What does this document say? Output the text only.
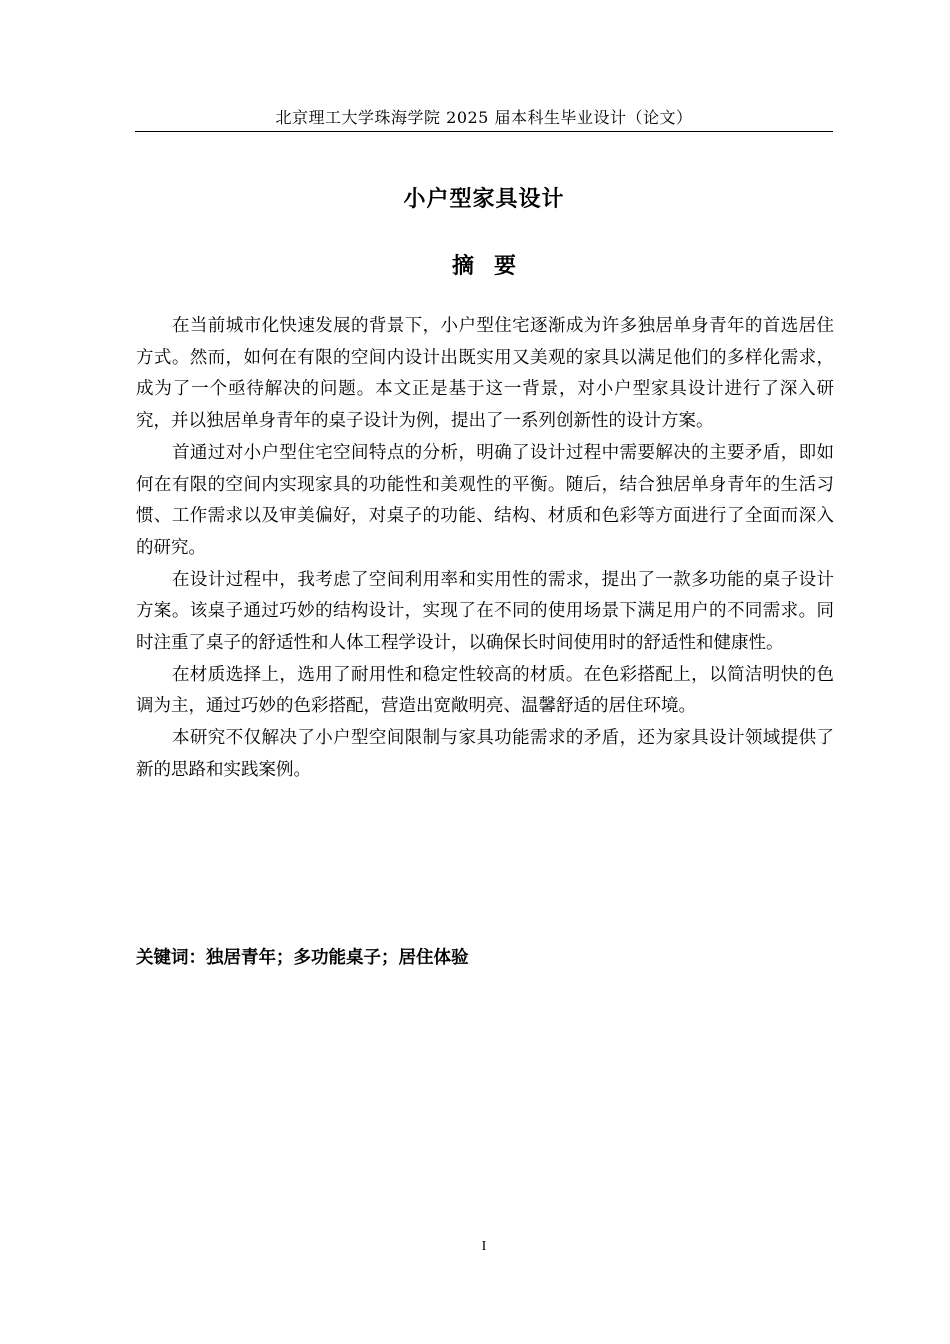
北京理工大学珠海学院 2025 届本科生毕业设计（论文）
小户型家具设计
摘要

在当前城市化快速发展的背景下，小户型住宅逐渐成为许多独居单身青年的首选居住方式。然而，如何在有限的空间内设计出既实用又美观的家具以满足他们的多样化需求，成为了一个亟待解决的问题。本文正是基于这一背景，对小户型家具设计进行了深入研究，并以独居单身青年的桌子设计为例，提出了一系列创新性的设计方案。

首通过对小户型住宅空间特点的分析，明确了设计过程中需要解决的主要矛盾，即如何在有限的空间内实现家具的功能性和美观性的平衡。随后，结合独居单身青年的生活习惯、工作需求以及审美偏好，对桌子的功能、结构、材质和色彩等方面进行了全面而深入的研究。

在设计过程中，我考虑了空间利用率和实用性的需求，提出了一款多功能的桌子设计方案。该桌子通过巧妙的结构设计，实现了在不同的使用场景下满足用户的不同需求。同时注重了桌子的舒适性和人体工程学设计，以确保长时间使用时的舒适性和健康性。

在材质选择上，选用了耐用性和稳定性较高的材质。在色彩搭配上，以简洁明快的色调为主，通过巧妙的色彩搭配，营造出宽敞明亮、温馨舒适的居住环境。

本研究不仅解决了小户型空间限制与家具功能需求的矛盾，还为家具设计领域提供了新的思路和实践案例。

关键词：独居青年；多功能桌子；居住体验
I
